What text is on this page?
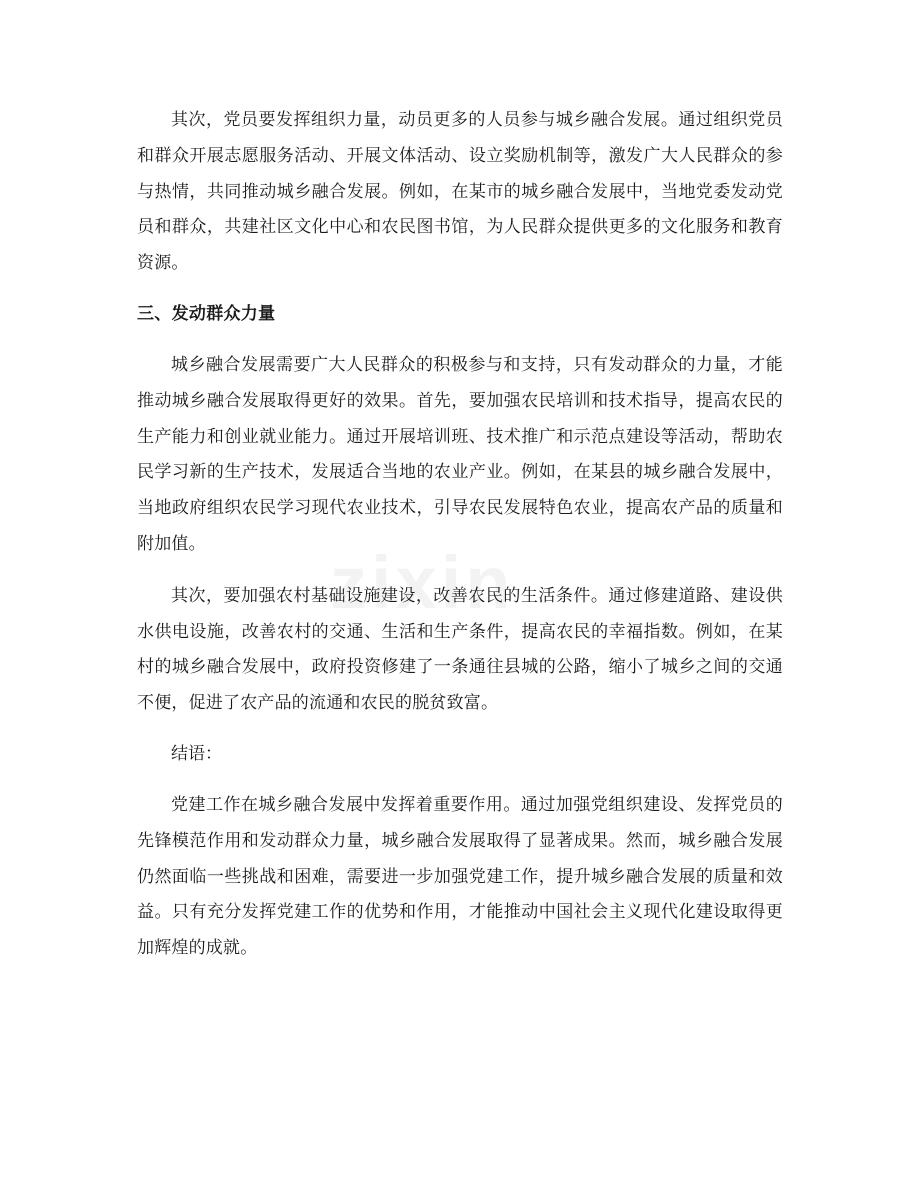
其次，党员要发挥组织力量，动员更多的人员参与城乡融合发展。通过组织党员和群众开展志愿服务活动、开展文体活动、设立奖励机制等，激发广大人民群众的参与热情，共同推动城乡融合发展。例如，在某市的城乡融合发展中，当地党委发动党员和群众，共建社区文化中心和农民图书馆，为人民群众提供更多的文化服务和教育资源。

三、发动群众力量

城乡融合发展需要广大人民群众的积极参与和支持，只有发动群众的力量，才能推动城乡融合发展取得更好的效果。首先，要加强农民培训和技术指导，提高农民的生产能力和创业就业能力。通过开展培训班、技术推广和示范点建设等活动，帮助农民学习新的生产技术，发展适合当地的农业产业。例如，在某县的城乡融合发展中，当地政府组织农民学习现代农业技术，引导农民发展特色农业，提高农产品的质量和附加值。

其次，要加强农村基础设施建设，改善农民的生活条件。通过修建道路、建设供水供电设施，改善农村的交通、生活和生产条件，提高农民的幸福指数。例如，在某村的城乡融合发展中，政府投资修建了一条通往县城的公路，缩小了城乡之间的交通不便，促进了农产品的流通和农民的脱贫致富。

结语：

党建工作在城乡融合发展中发挥着重要作用。通过加强党组织建设、发挥党员的先锋模范作用和发动群众力量，城乡融合发展取得了显著成果。然而，城乡融合发展仍然面临一些挑战和困难，需要进一步加强党建工作，提升城乡融合发展的质量和效益。只有充分发挥党建工作的优势和作用，才能推动中国社会主义现代化建设取得更加辉煌的成就。
